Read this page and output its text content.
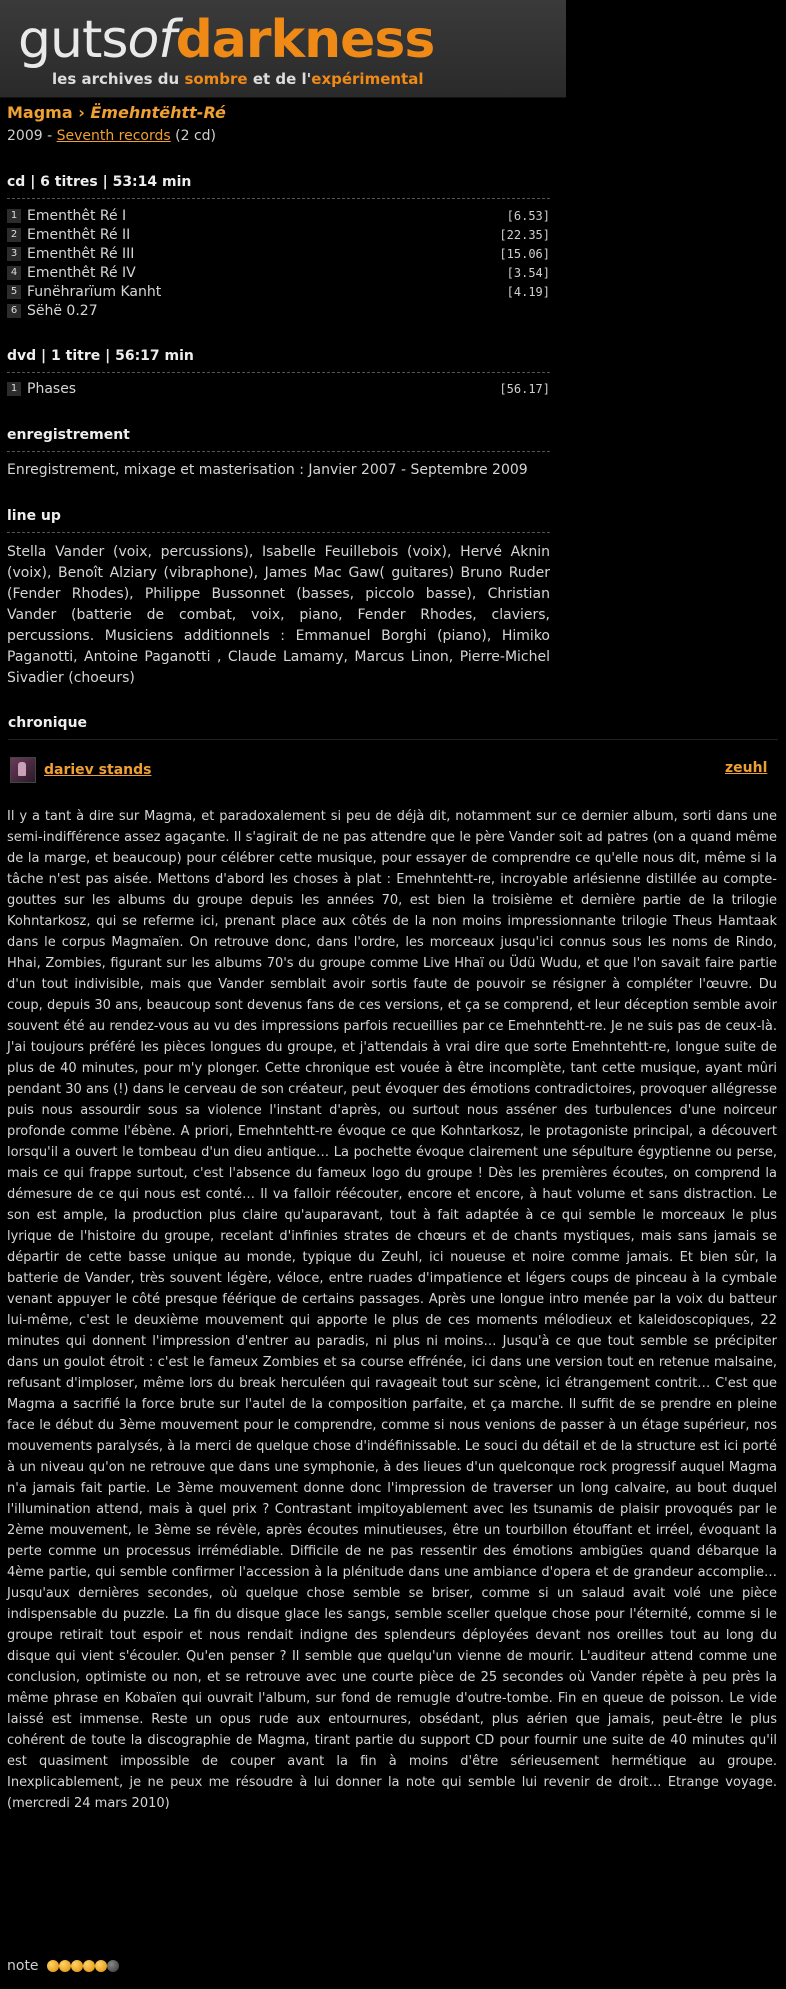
gutsofdarkness
les archives du sombre et de l'expérimental
Magma › Ëmehntëhtt-Ré
2009 - Seventh records (2 cd)
cd | 6 titres | 53:14 min
1 Ementhêt Ré I	[6.53]
2 Ementhêt Ré II	[22.35]
3 Ementhêt Ré III	[15.06]
4 Ementhêt Ré IV	[3.54]
5 Funëhrarïum Kanht	[4.19]
6 Sëhë 0.27
dvd | 1 titre | 56:17 min
1 Phases	[56.17]
enregistrement
Enregistrement, mixage et masterisation : Janvier 2007 - Septembre 2009
line up
Stella Vander (voix, percussions), Isabelle Feuillebois (voix), Hervé Aknin (voix), Benoît Alziary (vibraphone), James Mac Gaw( guitares) Bruno Ruder (Fender Rhodes), Philippe Bussonnet (basses, piccolo basse), Christian Vander (batterie de combat, voix, piano, Fender Rhodes, claviers, percussions. Musiciens additionnels : Emmanuel Borghi (piano), Himiko Paganotti, Antoine Paganotti , Claude Lamamy, Marcus Linon, Pierre-Michel Sivadier (choeurs)
chronique
dariev stands	zeuhl
Il y a tant à dire sur Magma, et paradoxalement si peu de déjà dit, notamment sur ce dernier album, sorti dans une semi-indifférence assez agaçante. Il s'agirait de ne pas attendre que le père Vander soit ad patres (on a quand même de la marge, et beaucoup) pour célébrer cette musique, pour essayer de comprendre ce qu'elle nous dit, même si la tâche n'est pas aisée. Mettons d'abord les choses à plat : Emehntehtt-re, incroyable arlésienne distillée au compte-gouttes sur les albums du groupe depuis les années 70, est bien la troisième et dernière partie de la trilogie Kohntarkosz, qui se referme ici, prenant place aux côtés de la non moins impressionnante trilogie Theus Hamtaak dans le corpus Magmaïen. On retrouve donc, dans l'ordre, les morceaux jusqu'ici connus sous les noms de Rindo, Hhai, Zombies, figurant sur les albums 70's du groupe comme Live Hhaï ou Üdü Wudu, et que l'on savait faire partie d'un tout indivisible, mais que Vander semblait avoir sortis faute de pouvoir se résigner à compléter l'œuvre. Du coup, depuis 30 ans, beaucoup sont devenus fans de ces versions, et ça se comprend, et leur déception semble avoir souvent été au rendez-vous au vu des impressions parfois recueillies par ce Emehntehtt-re. Je ne suis pas de ceux-là. J'ai toujours préféré les pièces longues du groupe, et j'attendais à vrai dire que sorte Emehntehtt-re, longue suite de plus de 40 minutes, pour m'y plonger. Cette chronique est vouée à être incomplète, tant cette musique, ayant mûri pendant 30 ans (!) dans le cerveau de son créateur, peut évoquer des émotions contradictoires, provoquer allégresse puis nous assourdir sous sa violence l'instant d'après, ou surtout nous asséner des turbulences d'une noirceur profonde comme l'ébène. A priori, Emehntehtt-re évoque ce que Kohntarkosz, le protagoniste principal, a découvert lorsqu'il a ouvert le tombeau d'un dieu antique… La pochette évoque clairement une sépulture égyptienne ou perse, mais ce qui frappe surtout, c'est l'absence du fameux logo du groupe ! Dès les premières écoutes, on comprend la démesure de ce qui nous est conté… Il va falloir réécouter, encore et encore, à haut volume et sans distraction. Le son est ample, la production plus claire qu'auparavant, tout à fait adaptée à ce qui semble le morceaux le plus lyrique de l'histoire du groupe, recelant d'infinies strates de chœurs et de chants mystiques, mais sans jamais se départir de cette basse unique au monde, typique du Zeuhl, ici noueuse et noire comme jamais. Et bien sûr, la batterie de Vander, très souvent légère, véloce, entre ruades d'impatience et légers coups de pinceau à la cymbale venant appuyer le côté presque féérique de certains passages. Après une longue intro menée par la voix du batteur lui-même, c'est le deuxième mouvement qui apporte le plus de ces moments mélodieux et kaleidoscopiques, 22 minutes qui donnent l'impression d'entrer au paradis, ni plus ni moins… Jusqu'à ce que tout semble se précipiter dans un goulot étroit : c'est le fameux Zombies et sa course effrénée, ici dans une version tout en retenue malsaine, refusant d'imploser, même lors du break herculéen qui ravageait tout sur scène, ici étrangement contrit… C'est que Magma a sacrifié la force brute sur l'autel de la composition parfaite, et ça marche. Il suffit de se prendre en pleine face le début du 3ème mouvement pour le comprendre, comme si nous venions de passer à un étage supérieur, nos mouvements paralysés, à la merci de quelque chose d'indéfinissable. Le souci du détail et de la structure est ici porté à un niveau qu'on ne retrouve que dans une symphonie, à des lieues d'un quelconque rock progressif auquel Magma n'a jamais fait partie. Le 3ème mouvement donne donc l'impression de traverser un long calvaire, au bout duquel l'illumination attend, mais à quel prix ? Contrastant impitoyablement avec les tsunamis de plaisir provoqués par le 2ème mouvement, le 3ème se révèle, après écoutes minutieuses, être un tourbillon étouffant et irréel, évoquant la perte comme un processus irrémédiable. Difficile de ne pas ressentir des émotions ambigües quand débarque la 4ème partie, qui semble confirmer l'accession à la plénitude dans une ambiance d'opera et de grandeur accomplie… Jusqu'aux dernières secondes, où quelque chose semble se briser, comme si un salaud avait volé une pièce indispensable du puzzle. La fin du disque glace les sangs, semble sceller quelque chose pour l'éternité, comme si le groupe retirait tout espoir et nous rendait indigne des splendeurs déployées devant nos oreilles tout au long du disque qui vient s'écouler. Qu'en penser ? Il semble que quelqu'un vienne de mourir. L'auditeur attend comme une conclusion, optimiste ou non, et se retrouve avec une courte pièce de 25 secondes où Vander répète à peu près la même phrase en Kobaïen qui ouvrait l'album, sur fond de remugle d'outre-tombe. Fin en queue de poisson. Le vide laissé est immense. Reste un opus rude aux entournures, obsédant, plus aérien que jamais, peut-être le plus cohérent de toute la discographie de Magma, tirant partie du support CD pour fournir une suite de 40 minutes qu'il est quasiment impossible de couper avant la fin à moins d'être sérieusement hermétique au groupe. Inexplicablement, je ne peux me résoudre à lui donner la note qui semble lui revenir de droit… Etrange voyage. (mercredi 24 mars 2010)
note
